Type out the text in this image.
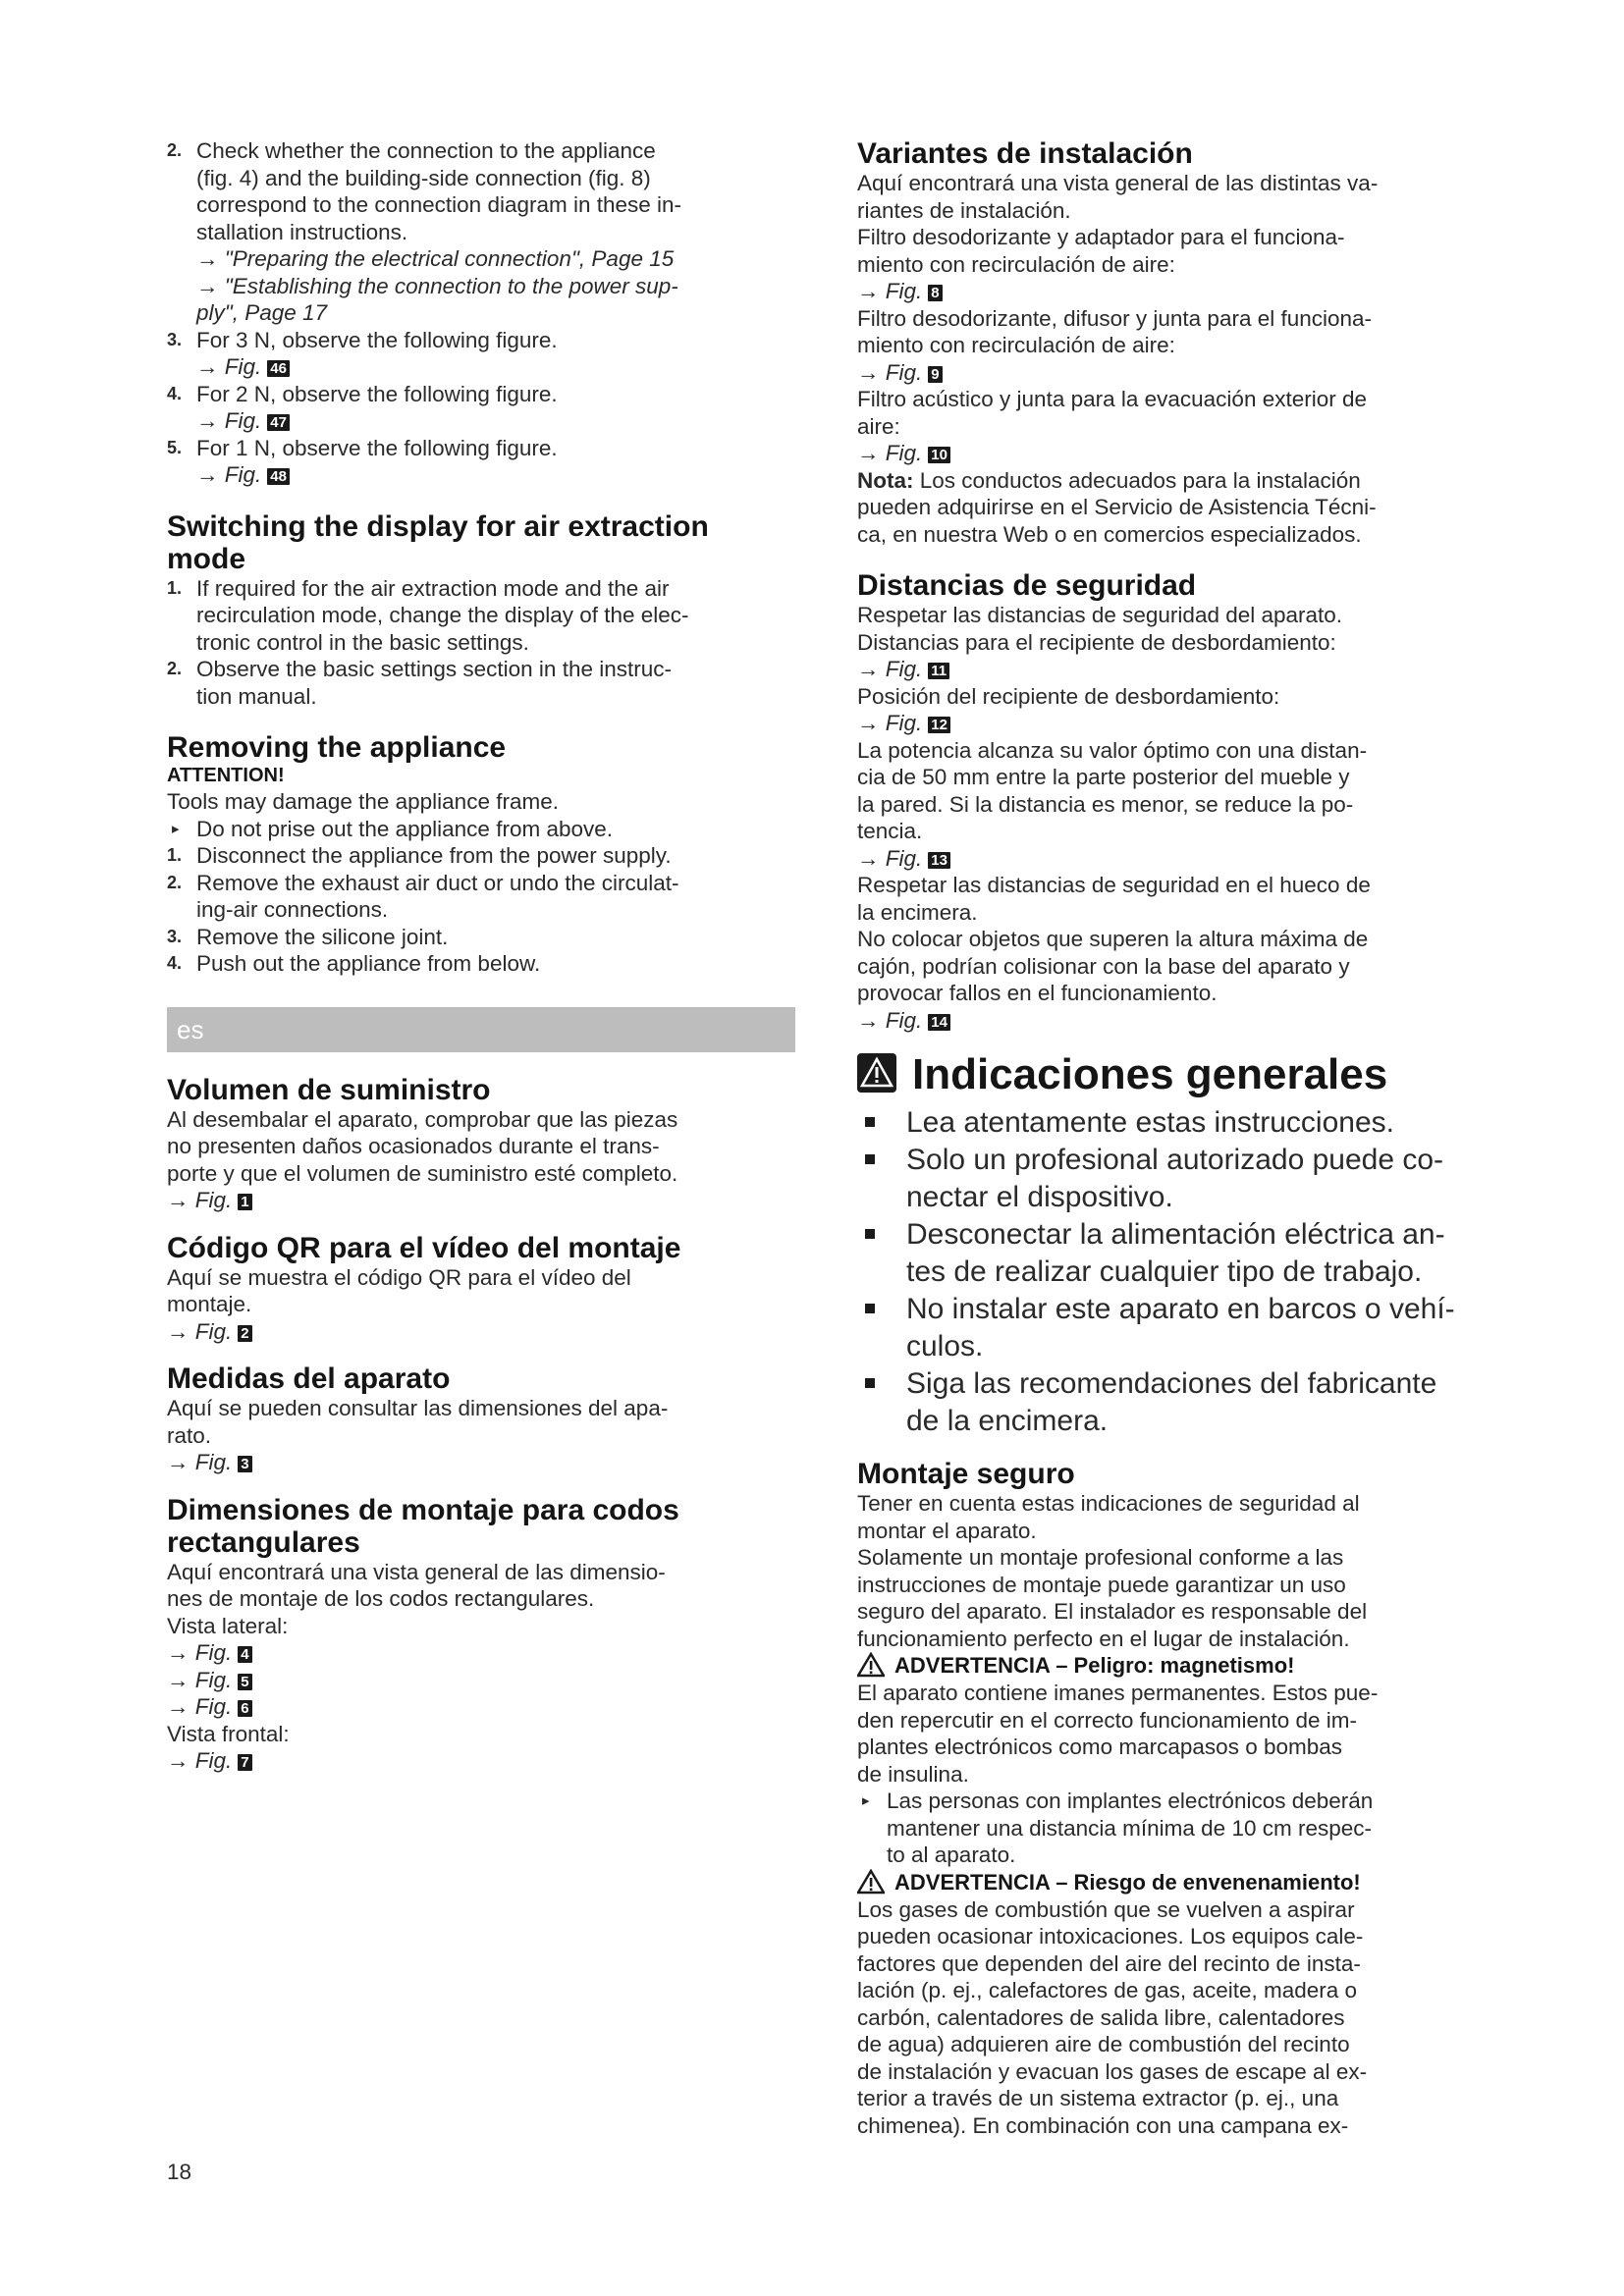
2. Check whether the connection to the appliance

(fig. 4) and the building-side connection (fig. 8)

correspond to the connection diagram in these in-

stallation instructions.

→ "Preparing the electrical connection", Page 15

→ "Establishing the connection to the power sup-

ply", Page 17

3. For 3 N, observe the following figure.

→ Fig. 46

4. For 2 N, observe the following figure.

→ Fig. 47

5. For 1 N, observe the following figure.

→ Fig. 48

Switching the display for air extraction

mode

1. If required for the air extraction mode and the air

recirculation mode, change the display of the elec-

tronic control in the basic settings.

2. Observe the basic settings section in the instruc-

tion manual.

Removing the appliance

ATTENTION!

Tools may damage the appliance frame.

▸ Do not prise out the appliance from above.

1. Disconnect the appliance from the power supply.

2. Remove the exhaust air duct or undo the circulat-

ing-air connections.

3. Remove the silicone joint.

4. Push out the appliance from below.

es

Volumen de suministro

Al desembalar el aparato, comprobar que las piezas

no presenten daños ocasionados durante el trans-

porte y que el volumen de suministro esté completo.

→ Fig. 1

Código QR para el vídeo del montaje

Aquí se muestra el código QR para el vídeo del

montaje.

→ Fig. 2

Medidas del aparato

Aquí se pueden consultar las dimensiones del apa-

rato.

→ Fig. 3

Dimensiones de montaje para codos

rectangulares

Aquí encontrará una vista general de las dimensio-

nes de montaje de los codos rectangulares.

Vista lateral:

→ Fig. 4

→ Fig. 5

→ Fig. 6

Vista frontal:

→ Fig. 7

Variantes de instalación

Aquí encontrará una vista general de las distintas va-

riantes de instalación.

Filtro desodorizante y adaptador para el funciona-

miento con recirculación de aire:

→ Fig. 8

Filtro desodorizante, difusor y junta para el funciona-

miento con recirculación de aire:

→ Fig. 9

Filtro acústico y junta para la evacuación exterior de

aire:

→ Fig. 10

Nota: Los conductos adecuados para la instalación

pueden adquirirse en el Servicio de Asistencia Técni-

ca, en nuestra Web o en comercios especializados.

Distancias de seguridad

Respetar las distancias de seguridad del aparato.

Distancias para el recipiente de desbordamiento:

→ Fig. 11

Posición del recipiente de desbordamiento:

→ Fig. 12

La potencia alcanza su valor óptimo con una distan-

cia de 50 mm entre la parte posterior del mueble y

la pared. Si la distancia es menor, se reduce la po-

tencia.

→ Fig. 13

Respetar las distancias de seguridad en el hueco de

la encimera.

No colocar objetos que superen la altura máxima de

cajón, podrían colisionar con la base del aparato y

provocar fallos en el funcionamiento.

→ Fig. 14

Indicaciones generales

Lea atentamente estas instrucciones.
Solo un profesional autorizado puede co-
nectar el dispositivo.
Desconectar la alimentación eléctrica an-
tes de realizar cualquier tipo de trabajo.
No instalar este aparato en barcos o vehí-
culos.
Siga las recomendaciones del fabricante
de la encimera.

Montaje seguro

Tener en cuenta estas indicaciones de seguridad al

montar el aparato.

Solamente un montaje profesional conforme a las

instrucciones de montaje puede garantizar un uso

seguro del aparato. El instalador es responsable del

funcionamiento perfecto en el lugar de instalación.

ADVERTENCIA – Peligro: magnetismo!

El aparato contiene imanes permanentes. Estos pue-

den repercutir en el correcto funcionamiento de im-

plantes electrónicos como marcapasos o bombas

de insulina.

▸ Las personas con implantes electrónicos deberán

mantener una distancia mínima de 10 cm respec-

to al aparato.

ADVERTENCIA – Riesgo de envenenamiento!

Los gases de combustión que se vuelven a aspirar

pueden ocasionar intoxicaciones. Los equipos cale-

factores que dependen del aire del recinto de insta-

lación (p. ej., calefactores de gas, aceite, madera o

carbón, calentadores de salida libre, calentadores

de agua) adquieren aire de combustión del recinto

de instalación y evacuan los gases de escape al ex-

terior a través de un sistema extractor (p. ej., una

chimenea). En combinación con una campana ex-

18
